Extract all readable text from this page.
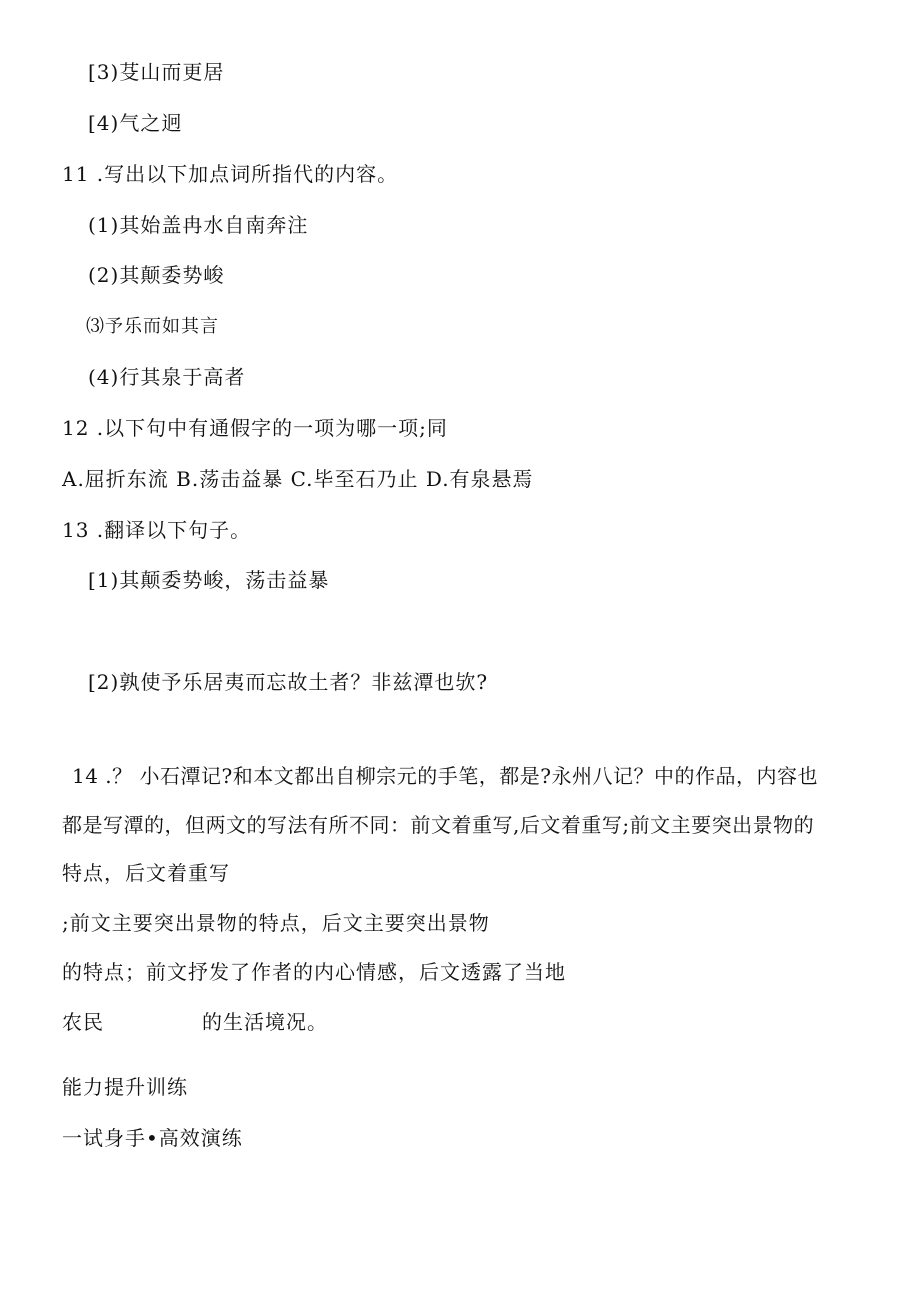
[3)芟山而更居
[4)气之迥
11 .写出以下加点词所指代的内容。
(1)其始盖冉水自南奔注
(2)其颠委势峻
⑶予乐而如其言
(4)行其泉于高者
12 .以下句中有通假字的一项为哪一项;同
A.屈折东流 B.荡击益暴 C.毕至石乃止 D.有泉悬焉
13 .翻译以下句子。
[1)其颠委势峻，荡击益暴
[2)孰使予乐居夷而忘故土者？非兹潭也欤?
14 .？ 小石潭记?和本文都出自柳宗元的手笔，都是?永州八记？中的作品，内容也
都是写潭的，但两文的写法有所不同：前文着重写,后文着重写;前文主要突出景物的
特点，后文着重写
;前文主要突出景物的特点，后文主要突出景物
的特点；前文抒发了作者的内心情感，后文透露了当地
农民	的生活境况。
能力提升训练
一试身手•高效演练
